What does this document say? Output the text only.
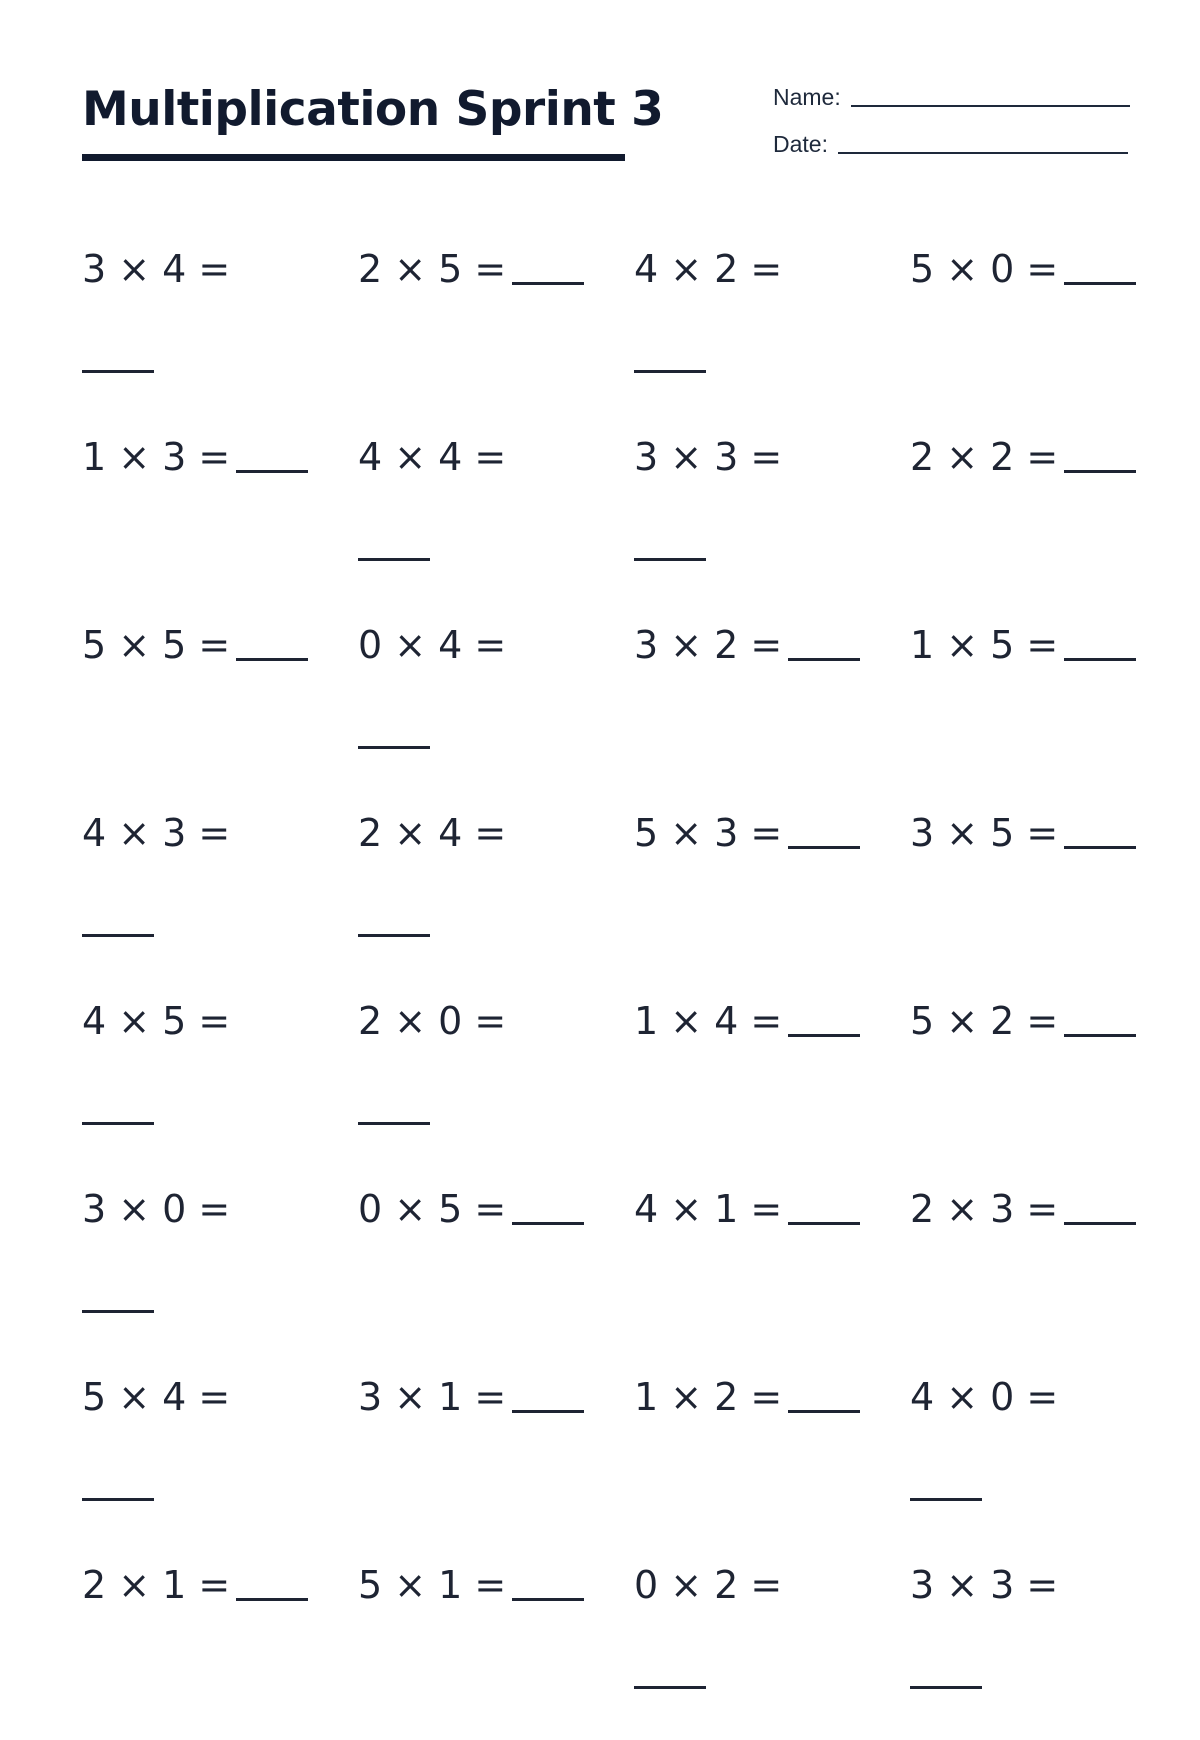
Multiplication Sprint 3	Name:
Date:
3 × 4 =	2 × 5 =	4 × 2 =	5 × 0 =
1 × 3 =	4 × 4 =	3 × 3 =	2 × 2 =
5 × 5 =	0 × 4 =	3 × 2 =	1 × 5 =
4 × 3 =	2 × 4 =	5 × 3 =	3 × 5 =
4 × 5 =	2 × 0 =	1 × 4 =	5 × 2 =
3 × 0 =	0 × 5 =	4 × 1 =	2 × 3 =
5 × 4 =	3 × 1 =	1 × 2 =	4 × 0 =
2 × 1 =	5 × 1 =	0 × 2 =	3 × 3 =
